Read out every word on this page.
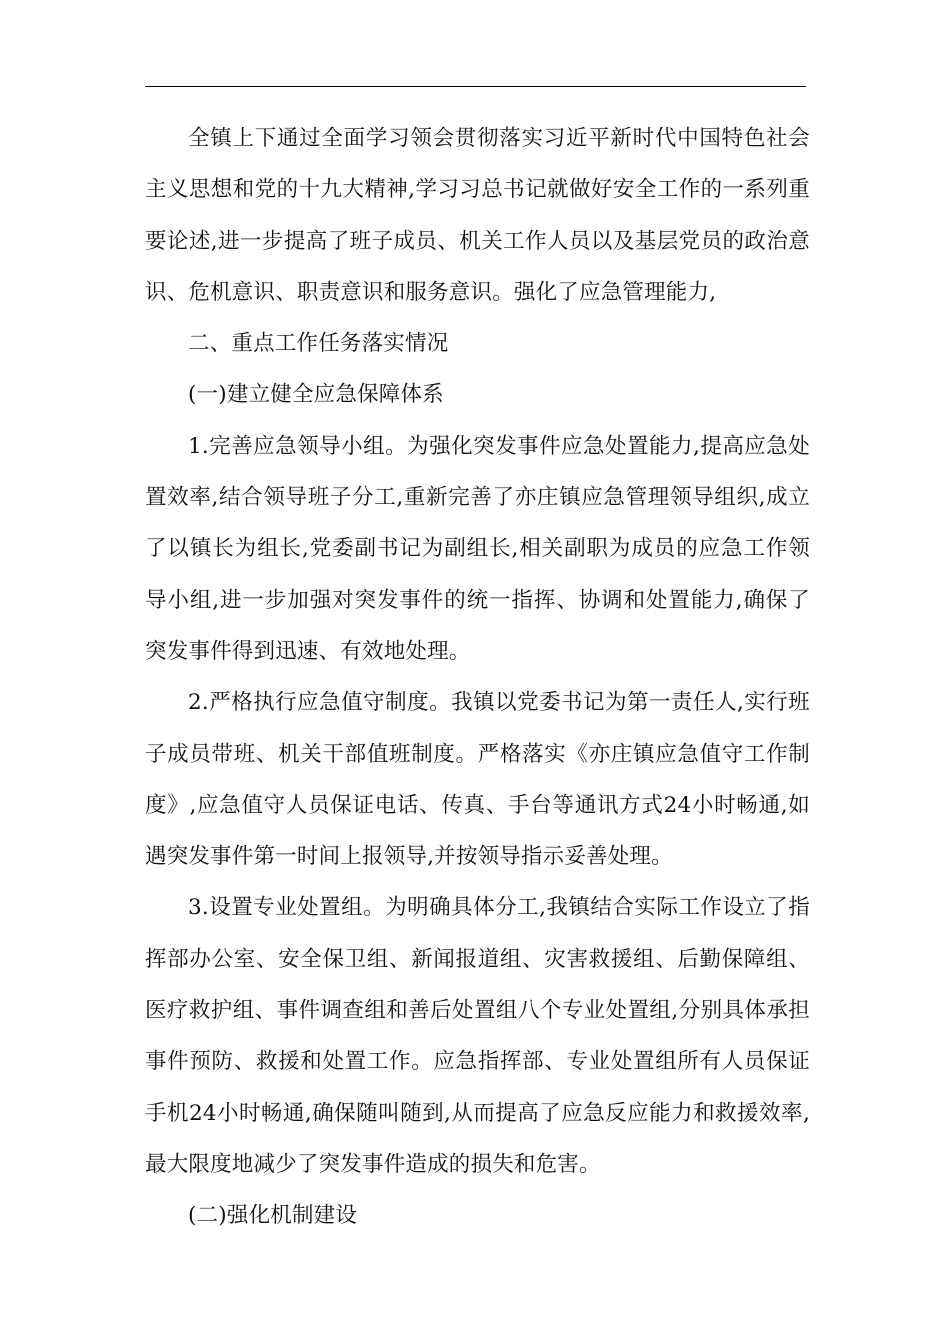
全镇上下通过全面学习领会贯彻落实习近平新时代中国特色社会主义思想和党的十九大精神,学习习总书记就做好安全工作的一系列重要论述,进一步提高了班子成员、机关工作人员以及基层党员的政治意识、危机意识、职责意识和服务意识。强化了应急管理能力,

二、重点工作任务落实情况

(一)建立健全应急保障体系

1.完善应急领导小组。为强化突发事件应急处置能力,提高应急处置效率,结合领导班子分工,重新完善了亦庄镇应急管理领导组织,成立了以镇长为组长,党委副书记为副组长,相关副职为成员的应急工作领导小组,进一步加强对突发事件的统一指挥、协调和处置能力,确保了突发事件得到迅速、有效地处理。

2.严格执行应急值守制度。我镇以党委书记为第一责任人,实行班子成员带班、机关干部值班制度。严格落实《亦庄镇应急值守工作制度》,应急值守人员保证电话、传真、手台等通讯方式24小时畅通,如遇突发事件第一时间上报领导,并按领导指示妥善处理。

3.设置专业处置组。为明确具体分工,我镇结合实际工作设立了指挥部办公室、安全保卫组、新闻报道组、灾害救援组、后勤保障组、医疗救护组、事件调查组和善后处置组八个专业处置组,分别具体承担事件预防、救援和处置工作。应急指挥部、专业处置组所有人员保证手机24小时畅通,确保随叫随到,从而提高了应急反应能力和救援效率,最大限度地减少了突发事件造成的损失和危害。

(二)强化机制建设
